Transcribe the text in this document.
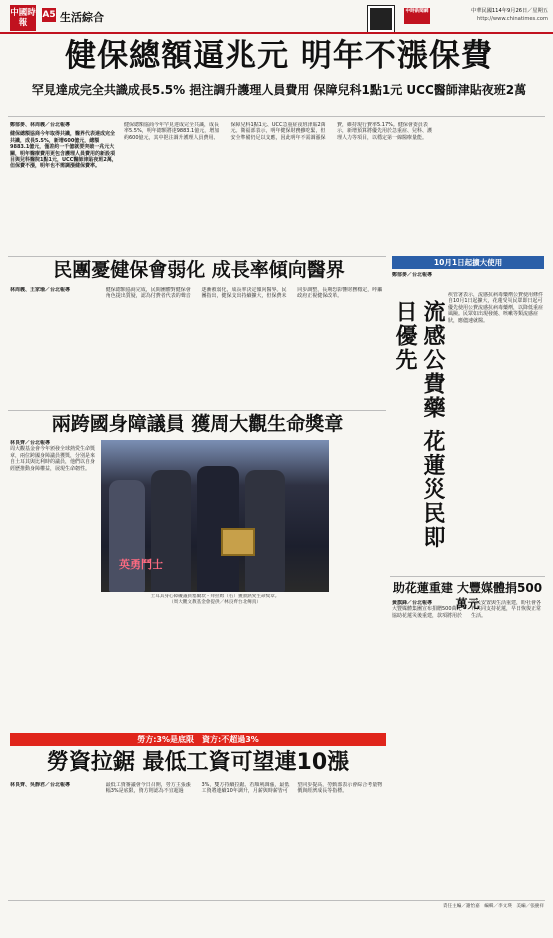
中國時報
A5 生活綜合	中時新聞網	中華民國114年9月26日／星期五
http://www.chinatimes.com
健保總額逼兆元 明年不漲保費
罕見達成完全共識成長5.5% 挹注調升護理人員費用 保障兒科1點1元 UCC醫師津貼夜班2萬
鄭郁麥、林周義／台北報導
健保總額協商今年取得共識，醫界代表達成完全共識，成長5.5%，新增600億元，總額9883.1億元，僅差約一千億就要突破一兆元大關，明年醫療費用更包含護理人員費用的新設項目與兒科醫院1點1元，UCC醫師津貼夜班2萬，但保費不漲，明年也不需調漲健保費率。
健保總額協商今年罕見達成完全共識，成長率5.5%，明年總額將達9883.1億元，增加約600億元，其中挹注調升護理人員費用、保障兒科1點1元、UCC急重症夜班津貼2萬元。衛福部表示，明年健保財務雖吃緊，但安全準備仍足以支應，因此明年不需調漲保費，維持現行費率5.17%。健保會委員表示，新增預算將優先用於急重症、兒科、護理人力等項目，以穩定第一線醫療量能。
民團憂健保會弱化 成長率傾向醫界
林周義、王家瑜／台北報導	健保總額協商完成，民間團體對健保會角色提出質疑，認為付費者代表的聲音逐漸被弱化，成長率決定傾向醫界。民團指出，健保支出持續擴大，但保費未同步調整，長期恐影響財務穩定，呼籲政府正視健保改革。
兩跨國身障議員 獲周大觀生命獎章
林良齊／台北報導
周大觀基金會今年頒發全球熱愛生命獎章，兩位跨國身障議員獲獎，分別是來自土耳其與比利時的議員，他們以自身經歷推動身障權益，展現生命韌性。
英勇鬥士
土耳其身心障礙議員塞爾坎・拜拉姆（右）獲頒熱愛生命獎章。
（周大觀文教基金會提供／林良齊台北傳真）
10月1日起擴大使用
鄭郁麥／台北報導
流感公費藥 花蓮災民即日優先
疾管署表示，流感抗病毒藥劑公費使用條件自10月1日起擴大，花蓮受災民眾即日起可優先使用公費流感抗病毒藥劑，以降低重症風險。民眾如出現發燒、咳嗽等類流感症狀，應儘速就醫。
助花蓮重建 大豐媒體捐500萬元
黃旗鋒／台北報導
大豐媒體集團宣布捐贈500萬元協助花蓮災後重建，款項將用於災民安置與生活重建，盼社會各界共同支持花蓮，早日恢復正常生活。
勞方:3%是底限　資方:不超過3%
勞資拉鋸 最低工資可望連10漲
林良齊、吳靜君／台北報導	最低工資審議會今日召開，勞方主張漲幅3%是底限，資方則認為不宜超過3%，雙方持續拉鋸。若順利調漲，最低工資將連續10年調升，月薪與時薪皆可望同步提高，勞動部表示會綜合考量物價與經濟成長等指標。
責任主編／謝怡嘉　編輯／李文瑛　美編／張慶祥
